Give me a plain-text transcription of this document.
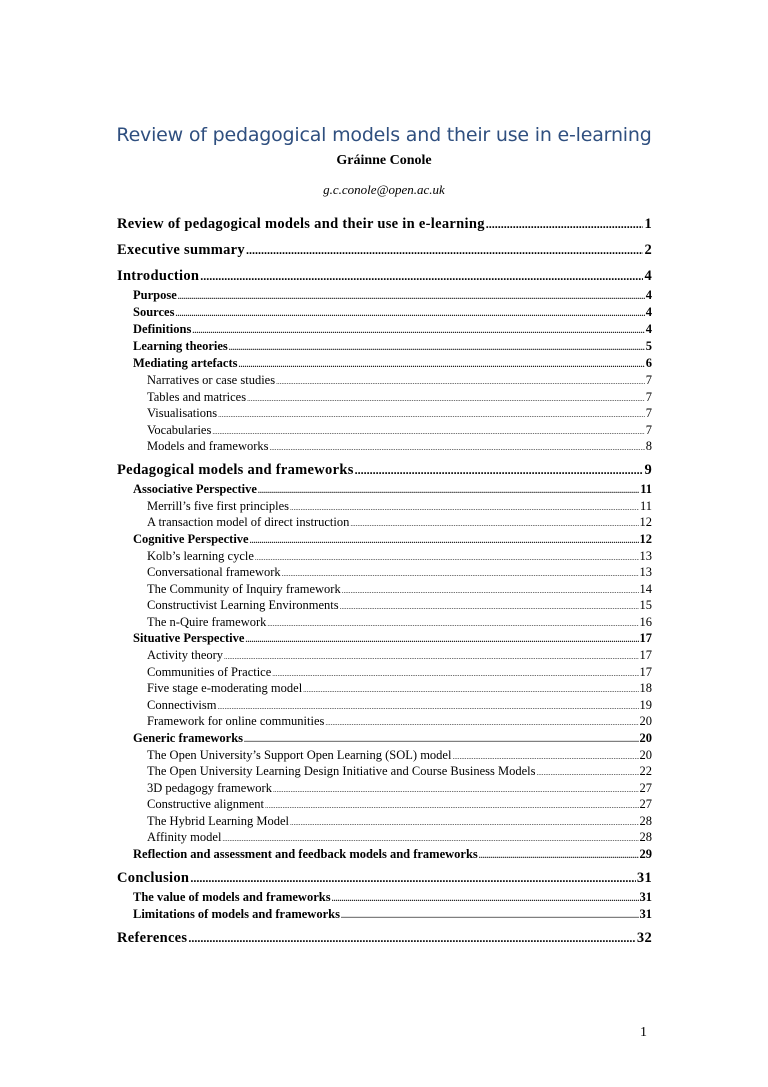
Review of pedagogical models and their use in e-learning
Gráinne Conole
g.c.conole@open.ac.uk
Review of pedagogical models and their use in e-learning .....	1
Executive summary .....	2
Introduction .....	4
Purpose .....	4
Sources .....	4
Definitions .....	4
Learning theories .....	5
Mediating artefacts .....	6
Narratives or case studies .....	7
Tables and matrices .....	7
Visualisations .....	7
Vocabularies .....	7
Models and frameworks .....	8
Pedagogical models and frameworks .....	9
Associative Perspective .....	11
Merrill’s five first principles .....	11
A transaction model of direct instruction .....	12
Cognitive Perspective .....	12
Kolb’s learning cycle .....	13
Conversational framework .....	13
The Community of Inquiry framework .....	14
Constructivist Learning Environments .....	15
The n-Quire framework .....	16
Situative Perspective .....	17
Activity theory .....	17
Communities of Practice .....	17
Five stage e-moderating model .....	18
Connectivism .....	19
Framework for online communities .....	20
Generic frameworks .....	20
The Open University’s Support Open Learning (SOL) model .....	20
The Open University Learning Design Initiative and Course Business Models .....	22
3D pedagogy framework .....	27
Constructive alignment .....	27
The Hybrid Learning Model .....	28
Affinity model .....	28
Reflection and assessment and feedback models and frameworks .....	29
Conclusion .....	31
The value of models and frameworks .....	31
Limitations of models and frameworks .....	31
References .....	32
1
